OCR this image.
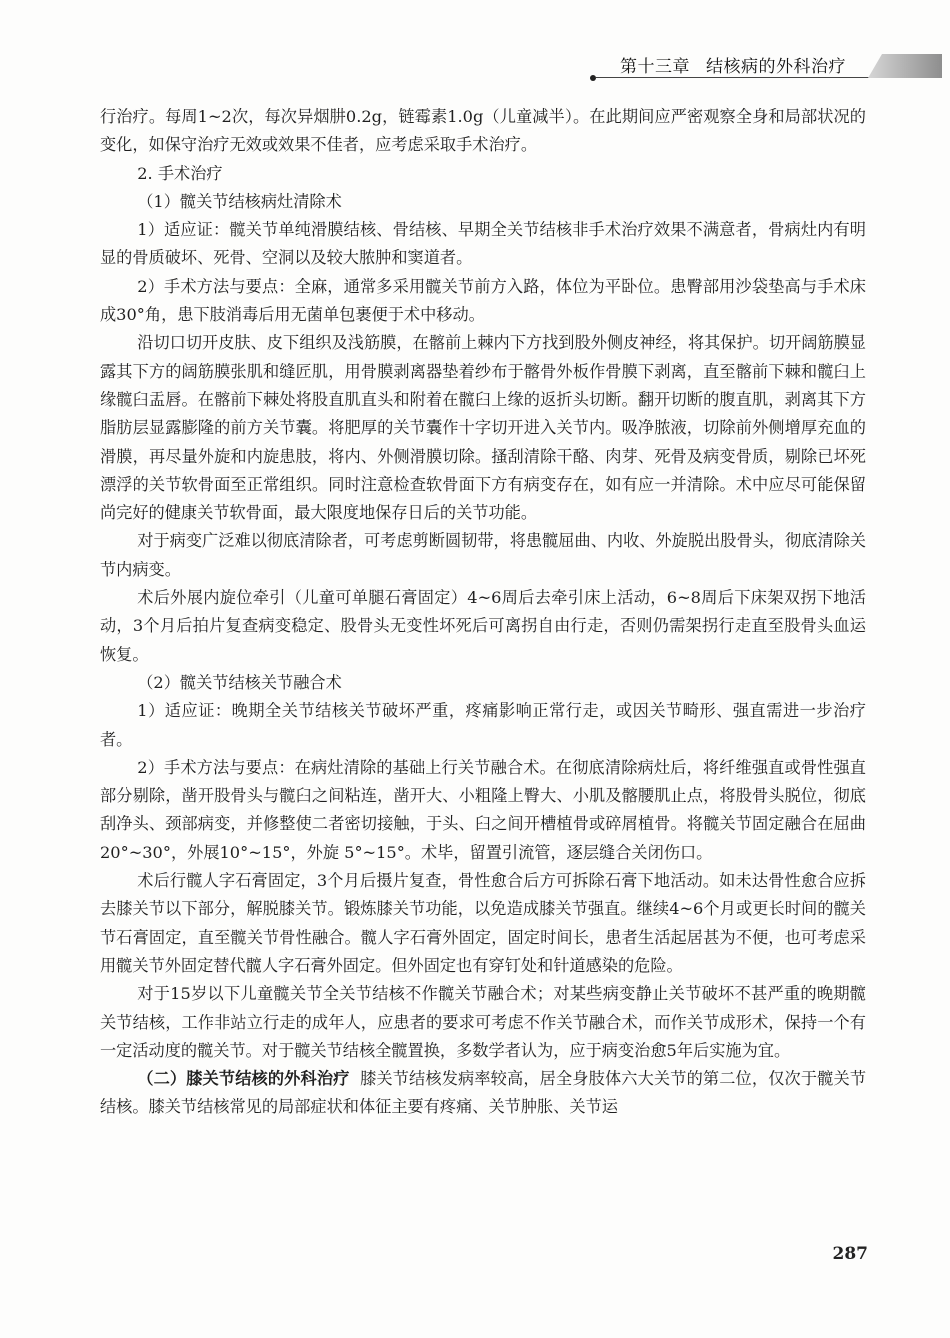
第十三章 结核病的外科治疗

行治疗。每周1~2次，每次异烟肼0.2g，链霉素1.0g（儿童减半）。在此期间应严密观察全身和局部状况的变化，如保守治疗无效或效果不佳者，应考虑采取手术治疗。

2. 手术治疗

（1）髋关节结核病灶清除术

1）适应证：髋关节单纯滑膜结核、骨结核、早期全关节结核非手术治疗效果不满意者，骨病灶内有明显的骨质破坏、死骨、空洞以及较大脓肿和窦道者。

2）手术方法与要点：全麻，通常多采用髋关节前方入路，体位为平卧位。患臀部用沙袋垫高与手术床成30°角，患下肢消毒后用无菌单包裹便于术中移动。

沿切口切开皮肤、皮下组织及浅筋膜，在髂前上棘内下方找到股外侧皮神经，将其保护。切开阔筋膜显露其下方的阔筋膜张肌和缝匠肌，用骨膜剥离器垫着纱布于髂骨外板作骨膜下剥离，直至髂前下棘和髋臼上缘髋臼盂唇。在髂前下棘处将股直肌直头和附着在髋臼上缘的返折头切断。翻开切断的腹直肌，剥离其下方脂肪层显露膨隆的前方关节囊。将肥厚的关节囊作十字切开进入关节内。吸净脓液，切除前外侧增厚充血的滑膜，再尽量外旋和内旋患肢，将内、外侧滑膜切除。搔刮清除干酪、肉芽、死骨及病变骨质，剔除已坏死漂浮的关节软骨面至正常组织。同时注意检查软骨面下方有病变存在，如有应一并清除。术中应尽可能保留尚完好的健康关节软骨面，最大限度地保存日后的关节功能。

对于病变广泛难以彻底清除者，可考虑剪断圆韧带，将患髋屈曲、内收、外旋脱出股骨头，彻底清除关节内病变。

术后外展内旋位牵引（儿童可单腿石膏固定）4~6周后去牵引床上活动，6~8周后下床架双拐下地活动，3个月后拍片复查病变稳定、股骨头无变性坏死后可离拐自由行走，否则仍需架拐行走直至股骨头血运恢复。

（2）髋关节结核关节融合术

1）适应证：晚期全关节结核关节破坏严重，疼痛影响正常行走，或因关节畸形、强直需进一步治疗者。

2）手术方法与要点：在病灶清除的基础上行关节融合术。在彻底清除病灶后，将纤维强直或骨性强直部分剔除，凿开股骨头与髋臼之间粘连，凿开大、小粗隆上臀大、小肌及髂腰肌止点，将股骨头脱位，彻底刮净头、颈部病变，并修整使二者密切接触，于头、臼之间开槽植骨或碎屑植骨。将髋关节固定融合在屈曲20°~30°，外展10°~15°，外旋 5°~15°。术毕，留置引流管，逐层缝合关闭伤口。

术后行髋人字石膏固定，3个月后摄片复查，骨性愈合后方可拆除石膏下地活动。如未达骨性愈合应拆去膝关节以下部分，解脱膝关节。锻炼膝关节功能，以免造成膝关节强直。继续4~6个月或更长时间的髋关节石膏固定，直至髋关节骨性融合。髋人字石膏外固定，固定时间长，患者生活起居甚为不便，也可考虑采用髋关节外固定替代髋人字石膏外固定。但外固定也有穿钉处和针道感染的危险。

对于15岁以下儿童髋关节全关节结核不作髋关节融合术；对某些病变静止关节破坏不甚严重的晚期髋关节结核，工作非站立行走的成年人，应患者的要求可考虑不作关节融合术，而作关节成形术，保持一个有一定活动度的髋关节。对于髋关节结核全髋置换，多数学者认为，应于病变治愈5年后实施为宜。

（二）膝关节结核的外科治疗 膝关节结核发病率较高，居全身肢体六大关节的第二位，仅次于髋关节结核。膝关节结核常见的局部症状和体征主要有疼痛、关节肿胀、关节运

287
